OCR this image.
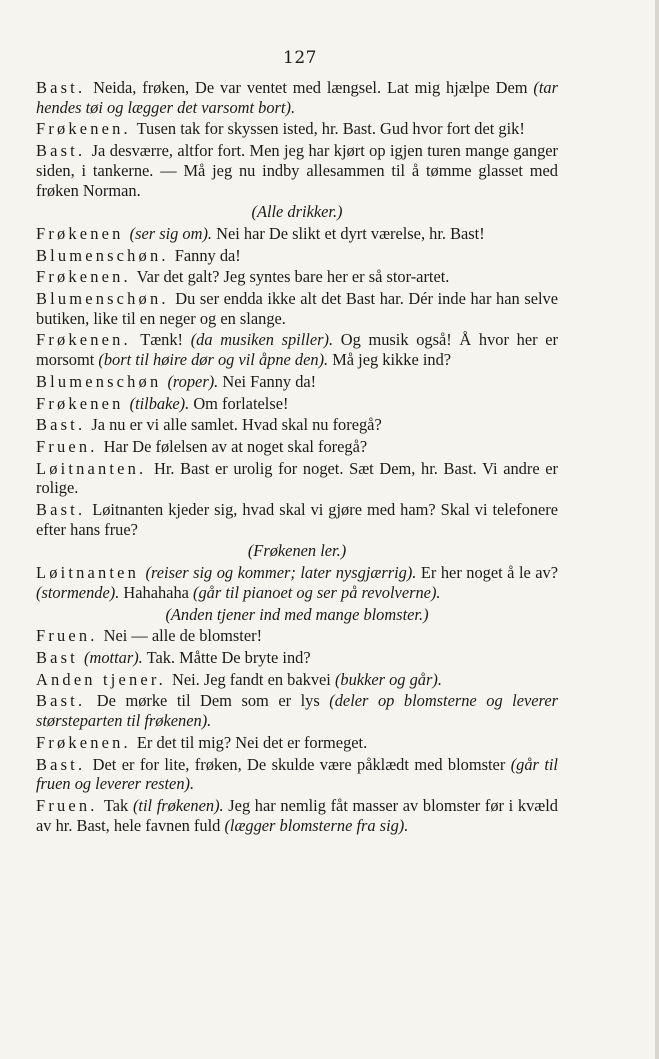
127

Bast. Neida, frøken, De var ventet med længsel. Lat mig hjælpe Dem (tar hendes tøi og lægger det varsomt bort).

Frøkenen. Tusen tak for skyssen isted, hr. Bast. Gud hvor fort det gik!

Bast. Ja desværre, altfor fort. Men jeg har kjørt op igjen turen mange ganger siden, i tankerne. — Må jeg nu indby allesammen til å tømme glasset med frøken Norman.

(Alle drikker.)

Frøkenen (ser sig om). Nei har De slikt et dyrt værelse, hr. Bast!

Blumenschøn. Fanny da!

Frøkenen. Var det galt? Jeg syntes bare her er så stor-artet.

Blumenschøn. Du ser endda ikke alt det Bast har. Dér inde har han selve butiken, like til en neger og en slange.

Frøkenen. Tænk! (da musiken spiller). Og musik også! Å hvor her er morsomt (bort til høire dør og vil åpne den). Må jeg kikke ind?

Blumenschøn (roper). Nei Fanny da!

Frøkenen (tilbake). Om forlatelse!

Bast. Ja nu er vi alle samlet. Hvad skal nu foregå?

Fruen. Har De følelsen av at noget skal foregå?

Løitnanten. Hr. Bast er urolig for noget. Sæt Dem, hr. Bast. Vi andre er rolige.

Bast. Løitnanten kjeder sig, hvad skal vi gjøre med ham? Skal vi telefonere efter hans frue?

(Frøkenen ler.)

Løitnanten (reiser sig og kommer; later nysgjærrig). Er her noget å le av? (stormende). Hahahaha (går til pianoet og ser på revolverne).

(Anden tjener ind med mange blomster.)

Fruen. Nei — alle de blomster!

Bast (mottar). Tak. Måtte De bryte ind?

Anden tjener. Nei. Jeg fandt en bakvei (bukker og går).

Bast. De mørke til Dem som er lys (deler op blomsterne og leverer størsteparten til frøkenen).

Frøkenen. Er det til mig? Nei det er formeget.

Bast. Det er for lite, frøken, De skulde være påklædt med blomster (går til fruen og leverer resten).

Fruen. Tak (til frøkenen). Jeg har nemlig fåt masser av blomster før i kvæld av hr. Bast, hele favnen fuld (lægger blomsterne fra sig).
